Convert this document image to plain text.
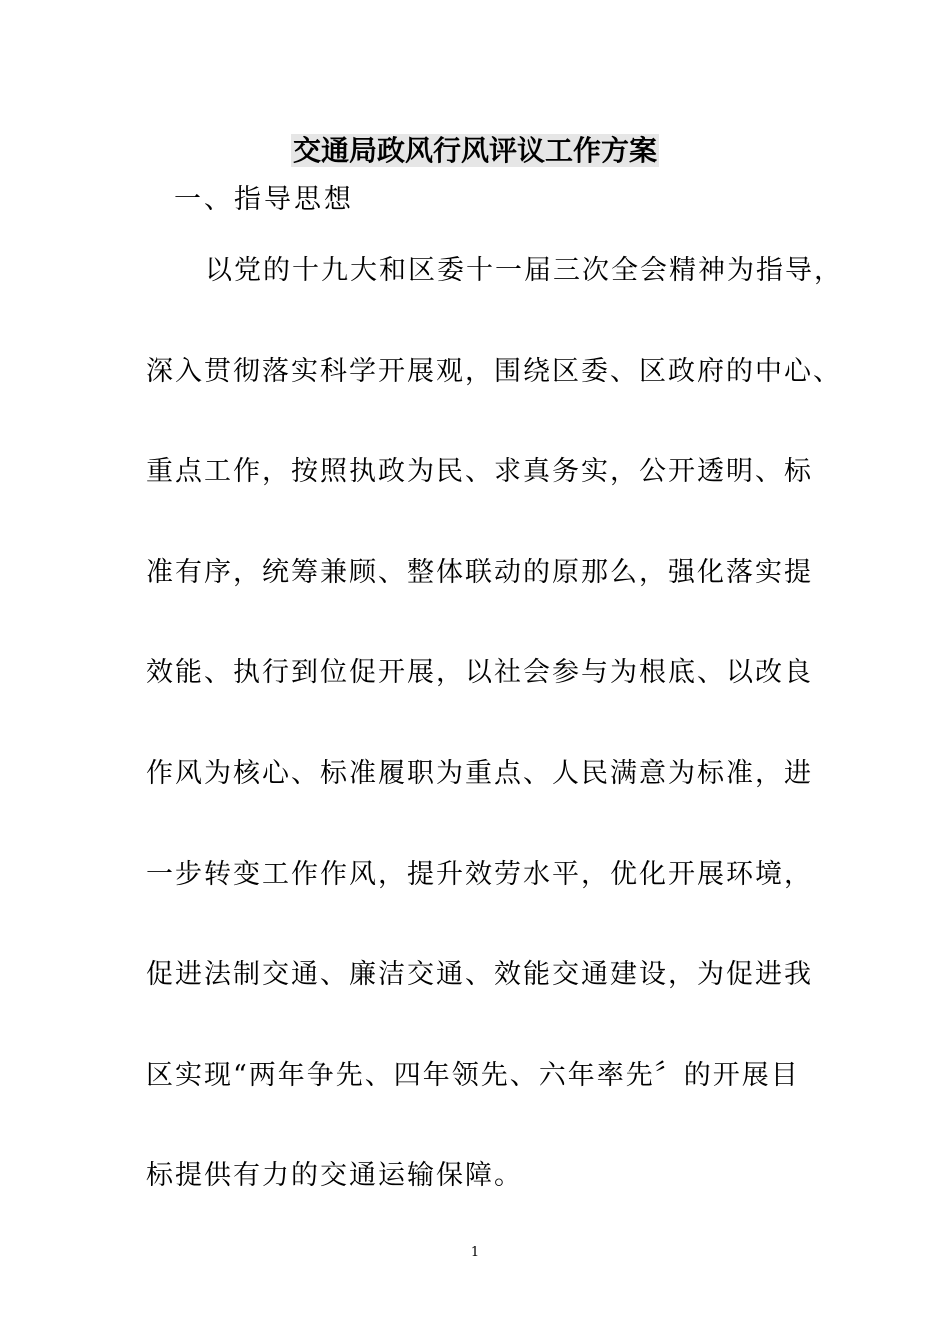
交通局政风行风评议工作方案
一、指导思想
以党的十九大和区委十一届三次全会精神为指导，
深入贯彻落实科学开展观，围绕区委、区政府的中心、
重点工作，按照执政为民、求真务实，公开透明、标
准有序，统筹兼顾、整体联动的原那么，强化落实提
效能、执行到位促开展，以社会参与为根底、以改良
作风为核心、标准履职为重点、人民满意为标准，进
一步转变工作作风，提升效劳水平，优化开展环境，
促进法制交通、廉洁交通、效能交通建设，为促进我
区实现“两年争先、四年领先、六年率先〞的开展目
标提供有力的交通运输保障。
1
